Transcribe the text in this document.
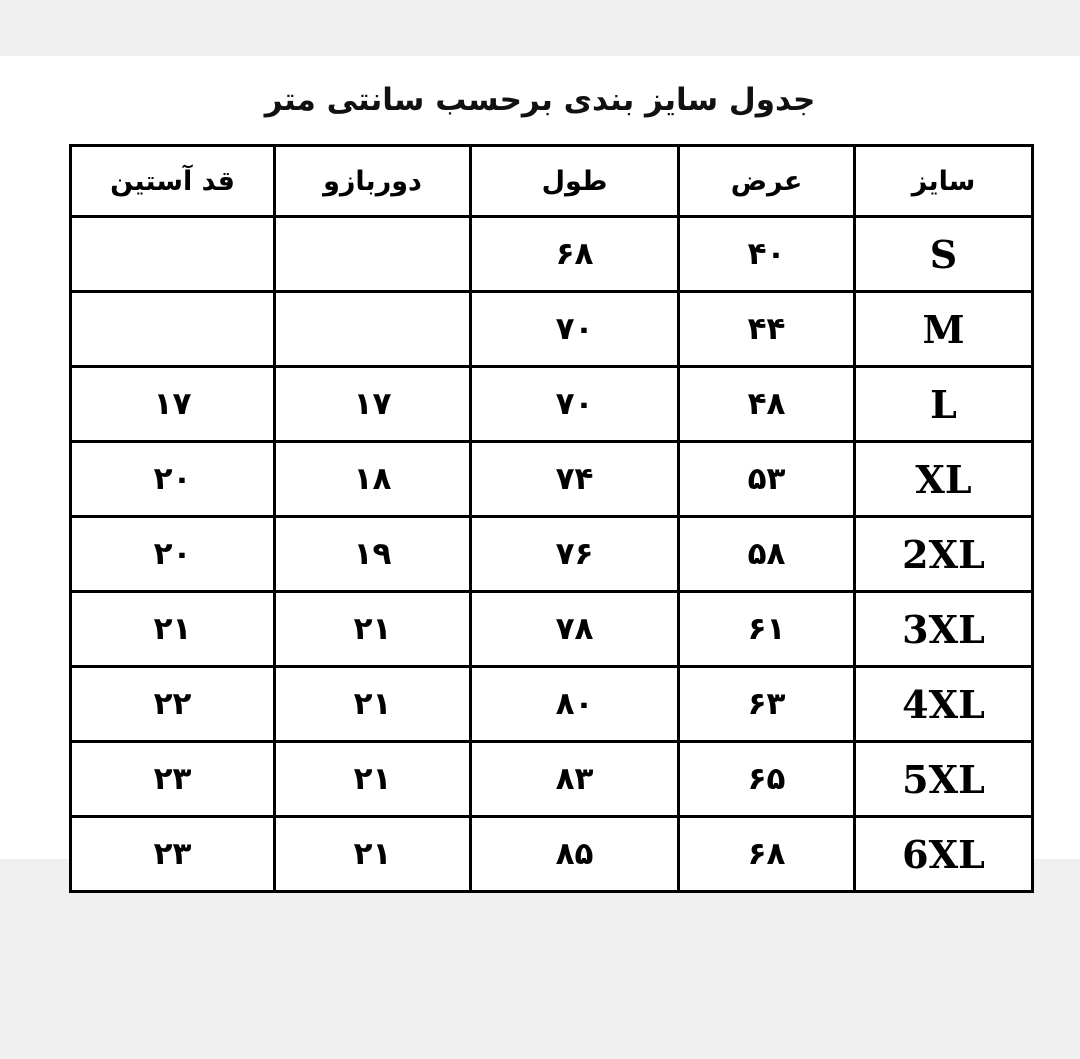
جدول سایز بندی برحسب سانتی متر
سایز	عرض	طول	دوربازو	قد آستین
S	۴۰	۶۸		
M	۴۴	۷۰		
L	۴۸	۷۰	۱۷	۱۷
XL	۵۳	۷۴	۱۸	۲۰
2XL	۵۸	۷۶	۱۹	۲۰
3XL	۶۱	۷۸	۲۱	۲۱
4XL	۶۳	۸۰	۲۱	۲۲
5XL	۶۵	۸۳	۲۱	۲۳
6XL	۶۸	۸۵	۲۱	۲۳
